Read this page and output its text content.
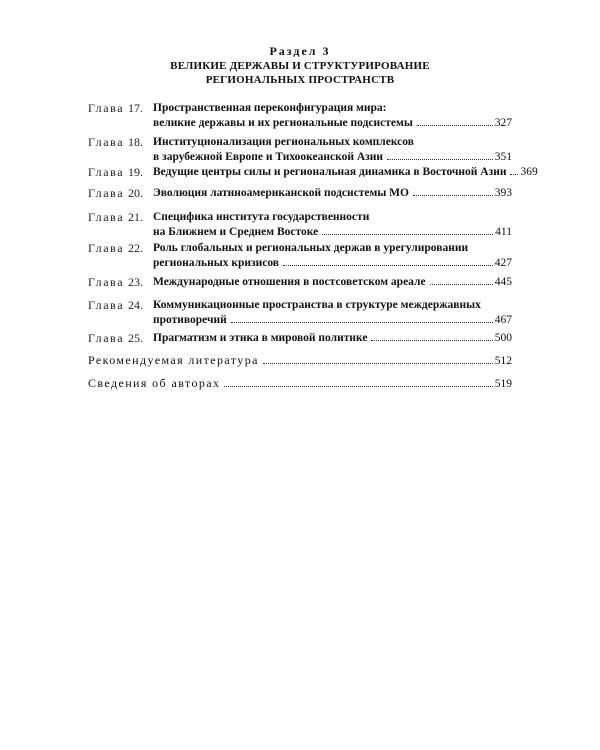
Раздел 3
ВЕЛИКИЕ ДЕРЖАВЫ И СТРУКТУРИРОВАНИЕ
РЕГИОНАЛЬНЫХ ПРОСТРАНСТВ
Глава 17. Пространственная переконфигурация мира:
великие державы и их региональные подсистемы	327
Глава 18. Институционализация региональных комплексов
в зарубежной Европе и Тихоокеанской Азии	351
Глава 19. Ведущие центры силы и региональная динамика в Восточной Азии 369
Глава 20. Эволюция латиноамериканской подсистемы МО	393
Глава 21. Специфика института государственности
на Ближнем и Среднем Востоке	411
Глава 22. Роль глобальных и региональных держав в урегулировании
региональных кризисов	427
Глава 23. Международные отношения в постсоветском ареале	445
Глава 24. Коммуникационные пространства в структуре междержавных
противоречий	467
Глава 25. Прагматизм и этика в мировой политике	500
Рекомендуемая литература	512
Сведения об авторах	519
